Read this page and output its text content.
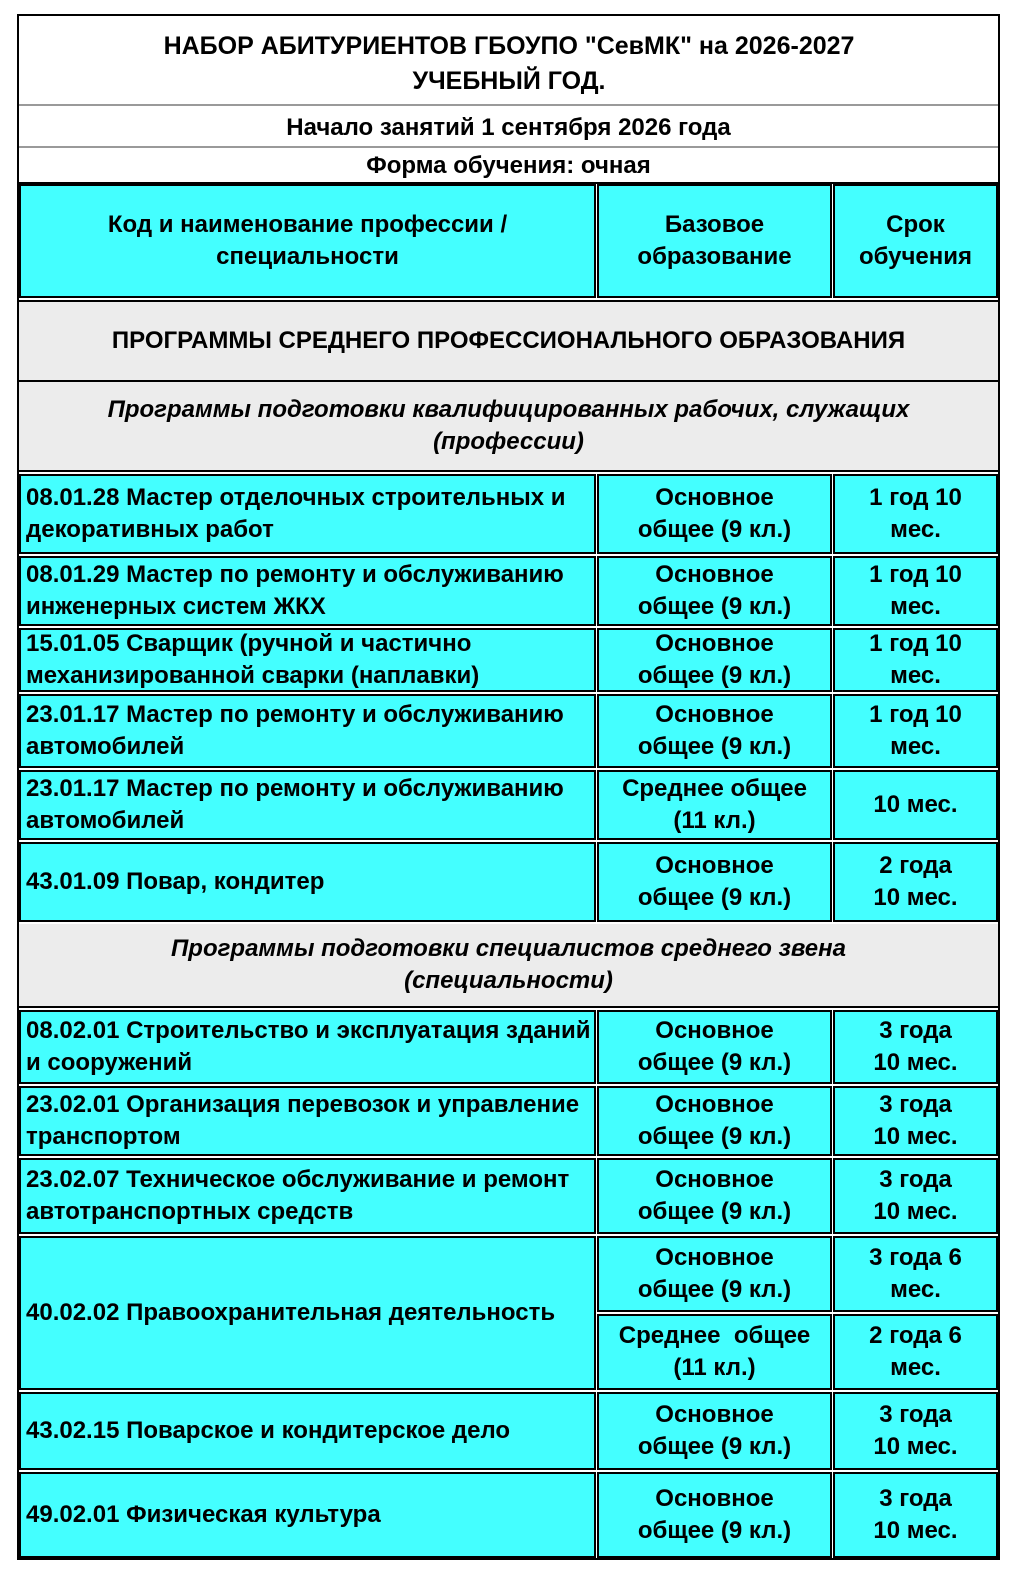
НАБОР АБИТУРИЕНТОВ ГБОУПО "СевМК" на 2026-2027 УЧЕБНЫЙ ГОД.
Начало занятий 1 сентября 2026 года
Форма обучения: очная
Код и наименование профессии / специальности
Базовое образование
Срок обучения
ПРОГРАММЫ СРЕДНЕГО ПРОФЕССИОНАЛЬНОГО ОБРАЗОВАНИЯ
Программы подготовки квалифицированных рабочих, служащих (профессии)
08.01.28 Мастер отделочных строительных и декоративных работ
Основное общее (9 кл.)
1 год 10 мес.
08.01.29 Мастер по ремонту и обслуживанию инженерных систем ЖКХ
Основное общее (9 кл.)
1 год 10 мес.
15.01.05 Сварщик (ручной и частично механизированной сварки (наплавки)
Основное общее (9 кл.)
1 год 10 мес.
23.01.17 Мастер по ремонту и обслуживанию автомобилей
Основное общее (9 кл.)
1 год 10 мес.
23.01.17 Мастер по ремонту и обслуживанию автомобилей
Среднее общее (11 кл.)
10 мес.
43.01.09 Повар, кондитер
Основное общее (9 кл.)
2 года 10 мес.
Программы подготовки специалистов среднего звена (специальности)
08.02.01 Строительство и эксплуатация зданий и сооружений
Основное общее (9 кл.)
3 года 10 мес.
23.02.01 Организация перевозок и управление транспортом
Основное общее (9 кл.)
3 года 10 мес.
23.02.07 Техническое обслуживание и ремонт автотранспортных средств
Основное общее (9 кл.)
3 года 10 мес.
40.02.02 Правоохранительная деятельность
Основное общее (9 кл.)
3 года 6 мес.
Среднее  общее (11 кл.)
2 года 6 мес.
43.02.15 Поварское и кондитерское дело
Основное общее (9 кл.)
3 года 10 мес.
49.02.01 Физическая культура
Основное общее (9 кл.)
3 года 10 мес.
